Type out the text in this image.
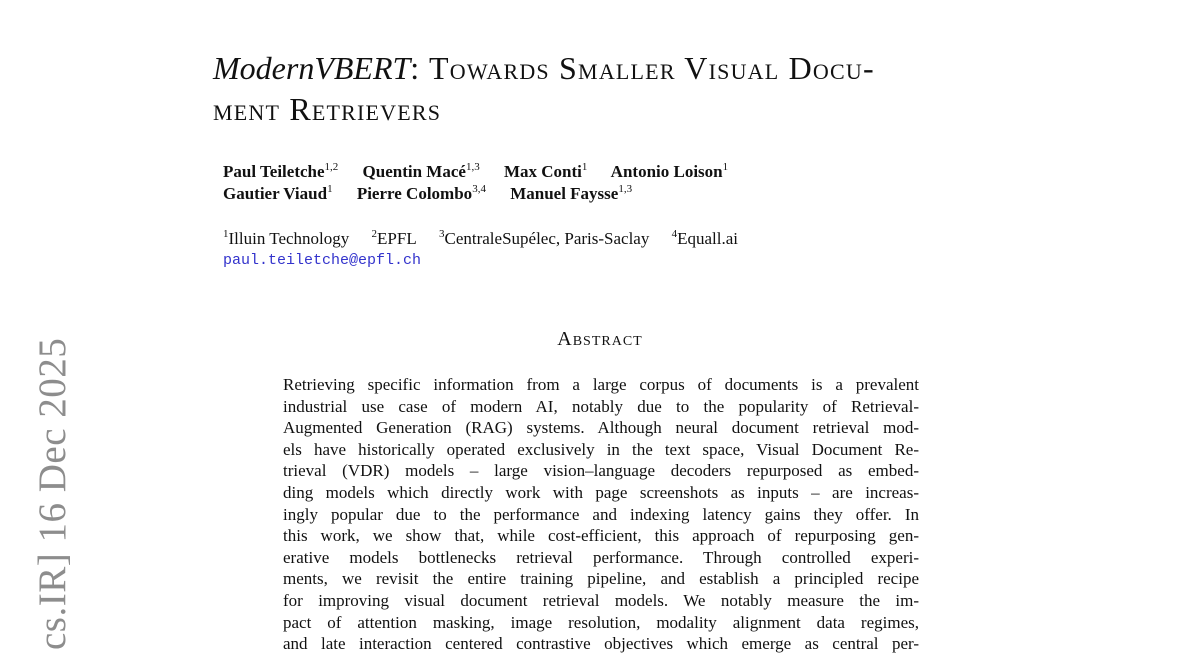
cs.IR] 16 Dec 2025
ModernVBERT: Towards Smaller Visual Docu-
ment Retrievers
Paul Teiletche$^{1,2}$ Quentin Macé$^{1,3}$ Max Conti$^1$ Antonio Loison$^1$
Gautier Viaud$^1$ Pierre Colombo$^{3,4}$ Manuel Faysse$^{1,3}$
$^1$Illuin Technology $^2$EPFL $^3$CentraleSupélec, Paris-Saclay $^4$Equall.ai
paul.teiletche@epfl.ch
Abstract
Retrieving specific information from a large corpus of documents is a prevalent
industrial use case of modern AI, notably due to the popularity of Retrieval-
Augmented Generation (RAG) systems. Although neural document retrieval mod-
els have historically operated exclusively in the text space, Visual Document Re-
trieval (VDR) models – large vision–language decoders repurposed as embed-
ding models which directly work with page screenshots as inputs – are increas-
ingly popular due to the performance and indexing latency gains they offer. In
this work, we show that, while cost-efficient, this approach of repurposing gen-
erative models bottlenecks retrieval performance. Through controlled experi-
ments, we revisit the entire training pipeline, and establish a principled recipe
for improving visual document retrieval models. We notably measure the im-
pact of attention masking, image resolution, modality alignment data regimes,
and late interaction centered contrastive objectives which emerge as central per-
